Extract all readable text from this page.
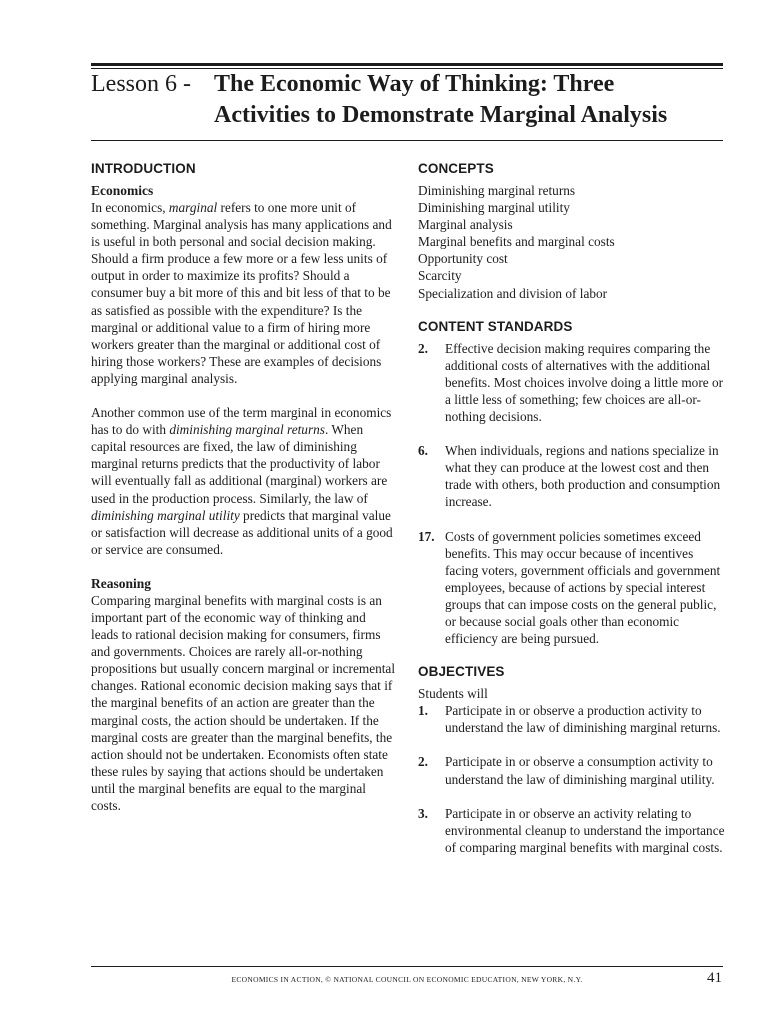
Lesson 6 - The Economic Way of Thinking: Three
Activities to Demonstrate Marginal Analysis
INTRODUCTION
Economics

In economics, marginal refers to one more unit of something. Marginal analysis has many applications and is useful in both personal and social decision making. Should a firm produce a few more or a few less units of output in order to maximize its profits? Should a consumer buy a bit more of this and bit less of that to be as satisfied as possible with the expenditure? Is the marginal or additional value to a firm of hiring more workers greater than the marginal or additional cost of hiring those workers? These are examples of decisions applying marginal analysis.

Another common use of the term marginal in economics has to do with diminishing marginal returns. When capital resources are fixed, the law of diminishing marginal returns predicts that the productivity of labor will eventually fall as additional (marginal) workers are used in the production process. Similarly, the law of diminishing marginal utility predicts that marginal value or satisfaction will decrease as additional units of a good or service are consumed.

Reasoning

Comparing marginal benefits with marginal costs is an important part of the economic way of thinking and leads to rational decision making for consumers, firms and governments. Choices are rarely all-or-nothing propositions but usually concern marginal or incremental changes. Rational economic decision making says that if the marginal benefits of an action are greater than the marginal costs, the action should be undertaken. If the marginal costs are greater than the marginal benefits, the action should not be undertaken. Economists often state these rules by saying that actions should be undertaken until the marginal benefits are equal to the marginal costs.

CONCEPTS
Diminishing marginal returns
Diminishing marginal utility
Marginal analysis
Marginal benefits and marginal costs
Opportunity cost
Scarcity
Specialization and division of labor
CONTENT STANDARDS

2. Effective decision making requires comparing the additional costs of alternatives with the additional benefits. Most choices involve doing a little more or a little less of something; few choices are all-or-nothing decisions.

6. When individuals, regions and nations specialize in what they can produce at the lowest cost and then trade with others, both production and consumption increase.

17. Costs of government policies sometimes exceed benefits. This may occur because of incentives facing voters, government officials and government employees, because of actions by special interest groups that can impose costs on the general public, or because social goals other than economic efficiency are being pursued.

OBJECTIVES
Students will

1. Participate in or observe a production activity to understand the law of diminishing marginal returns.

2. Participate in or observe a consumption activity to understand the law of diminishing marginal utility.

3. Participate in or observe an activity relating to environmental cleanup to understand the importance of comparing marginal benefits with marginal costs.

ECONOMICS IN ACTION, © NATIONAL COUNCIL ON ECONOMIC EDUCATION, NEW YORK, N.Y.	41
